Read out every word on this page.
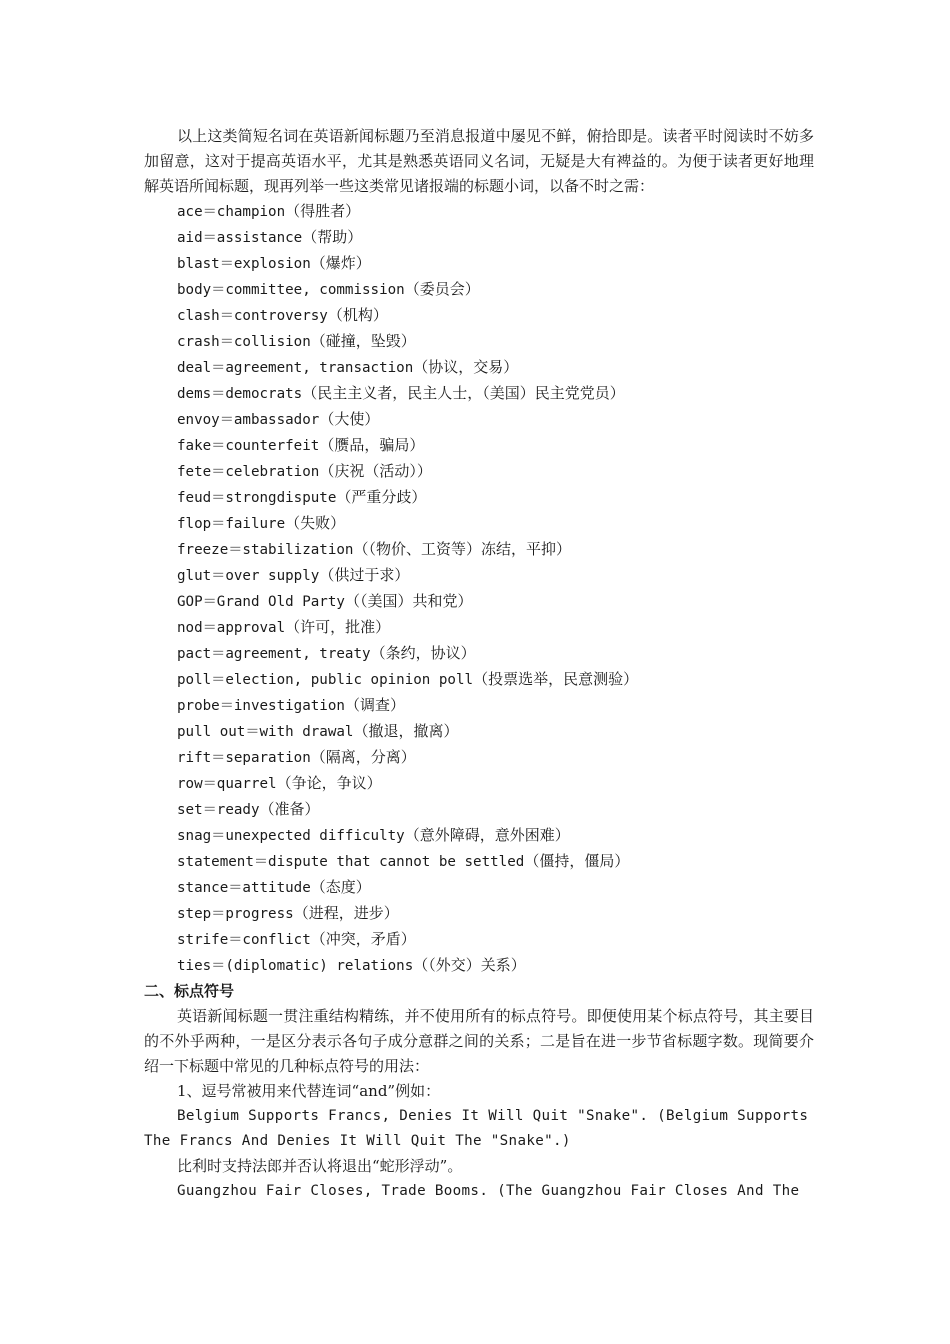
以上这类简短名词在英语新闻标题乃至消息报道中屡见不鲜，俯拾即是。读者平时阅读时不妨多加留意，这对于提高英语水平，尤其是熟悉英语同义名词，无疑是大有裨益的。为便于读者更好地理解英语所闻标题，现再列举一些这类常见诸报端的标题小词，以备不时之需：

ace＝champion（得胜者）
aid＝assistance（帮助）
blast＝explosion（爆炸）
body＝committee, commission（委员会）
clash＝controversy（机构）
crash＝collision（碰撞，坠毁）
deal＝agreement, transaction（协议，交易）
dems＝democrats（民主主义者，民主人士，（美国）民主党党员）
envoy＝ambassador（大使）
fake＝counterfeit（赝品，骗局）
fete＝celebration（庆祝（活动））
feud＝strongdispute（严重分歧）
flop＝failure（失败）
freeze＝stabilization（（物价、工资等）冻结，平抑）
glut＝over supply（供过于求）
GOP＝Grand Old Party（（美国）共和党）
nod＝approval（许可，批准）
pact＝agreement, treaty（条约，协议）
poll＝election, public opinion poll（投票选举，民意测验）
probe＝investigation（调查）
pull out＝with drawal（撤退，撤离）
rift＝separation（隔离，分离）
row＝quarrel（争论，争议）
set＝ready（准备）
snag＝unexpected difficulty（意外障碍，意外困难）
statement＝dispute that cannot be settled（僵持，僵局）
stance＝attitude（态度）
step＝progress（进程，进步）
strife＝conflict（冲突，矛盾）
ties＝(diplomatic) relations（（外交）关系）

二、标点符号

英语新闻标题一贯注重结构精练，并不使用所有的标点符号。即便使用某个标点符号，其主要目的不外乎两种，一是区分表示各句子成分意群之间的关系；二是旨在进一步节省标题字数。现简要介绍一下标题中常见的几种标点符号的用法：

1、逗号常被用来代替连词“and”例如：

Belgium Supports Francs, Denies It Will Quit "Snake". (Belgium Supports The Francs And Denies It Will Quit The "Snake".)

比利时支持法郎并否认将退出“蛇形浮动”。

Guangzhou Fair Closes, Trade Booms. (The Guangzhou Fair Closes And The
